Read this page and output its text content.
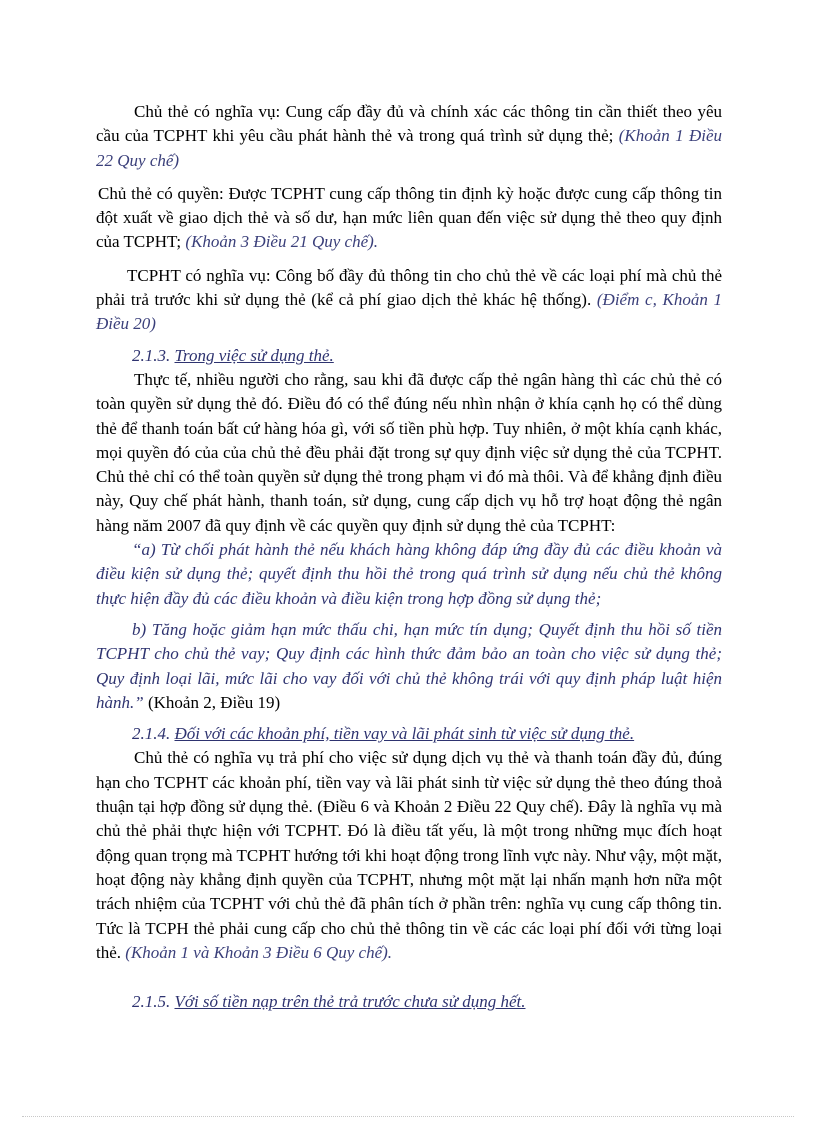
Chủ thẻ có nghĩa vụ: Cung cấp đầy đủ và chính xác các thông tin cần thiết theo yêu cầu của TCPHT khi yêu cầu phát hành thẻ và trong quá trình sử dụng thẻ; (Khoản 1 Điều 22 Quy chế)

Chủ thẻ có quyền: Được TCPHT cung cấp thông tin định kỳ hoặc được cung cấp thông tin đột xuất về giao dịch thẻ và số dư, hạn mức liên quan đến việc sử dụng thẻ theo quy định của TCPHT; (Khoản 3 Điều 21 Quy chế).

TCPHT có nghĩa vụ: Công bố đầy đủ thông tin cho chủ thẻ về các loại phí mà chủ thẻ phải trả trước khi sử dụng thẻ (kể cả phí giao dịch thẻ khác hệ thống). (Điểm c, Khoản 1 Điều 20)

2.1.3. Trong việc sử dụng thẻ.

Thực tế, nhiều người cho rằng, sau khi đã được cấp thẻ ngân hàng thì các chủ thẻ có toàn quyền sử dụng thẻ đó. Điều đó có thể đúng nếu nhìn nhận ở khía cạnh họ có thể dùng thẻ để thanh toán bất cứ hàng hóa gì, với số tiền phù hợp. Tuy nhiên, ở một khía cạnh khác, mọi quyền đó của của chủ thẻ đều phải đặt trong sự quy định việc sử dụng thẻ của TCPHT. Chủ thẻ chỉ có thể toàn quyền sử dụng thẻ trong phạm vi đó mà thôi. Và để khẳng định điều này, Quy chế phát hành, thanh toán, sử dụng, cung cấp dịch vụ hỗ trợ hoạt động thẻ ngân hàng năm 2007 đã quy định về các quyền quy định sử dụng thẻ của TCPHT:

“a) Từ chối phát hành thẻ nếu khách hàng không đáp ứng đầy đủ các điều khoản và điều kiện sử dụng thẻ; quyết định thu hồi thẻ trong quá trình sử dụng nếu chủ thẻ không thực hiện đầy đủ các điều khoản và điều kiện trong hợp đồng sử dụng thẻ;

b) Tăng hoặc giảm hạn mức thấu chi, hạn mức tín dụng; Quyết định thu hồi số tiền TCPHT cho chủ thẻ vay; Quy định các hình thức đảm bảo an toàn cho việc sử dụng thẻ; Quy định loại lãi, mức lãi cho vay đối với chủ thẻ không trái với quy định pháp luật hiện hành.” (Khoản 2, Điều 19)

2.1.4. Đối với các khoản phí, tiền vay và lãi phát sinh từ việc sử dụng thẻ.

Chủ thẻ có nghĩa vụ trả phí cho việc sử dụng dịch vụ thẻ và thanh toán đầy đủ, đúng hạn cho TCPHT các khoản phí, tiền vay và lãi phát sinh từ việc sử dụng thẻ theo đúng thoả thuận tại hợp đồng sử dụng thẻ. (Điều 6 và Khoản 2 Điều 22 Quy chế). Đây là nghĩa vụ mà chủ thẻ phải thực hiện với TCPHT. Đó là điều tất yếu, là một trong những mục đích hoạt động quan trọng mà TCPHT hướng tới khi hoạt động trong lĩnh vực này. Như vậy, một mặt, hoạt động này khẳng định quyền của TCPHT, nhưng một mặt lại nhấn mạnh hơn nữa một trách nhiệm của TCPHT với chủ thẻ đã phân tích ở phần trên: nghĩa vụ cung cấp thông tin. Tức là TCPH thẻ phải cung cấp cho chủ thẻ thông tin về các các loại phí đối với từng loại thẻ. (Khoản 1 và Khoản 3 Điều 6 Quy chế).

2.1.5. Với số tiền nạp trên thẻ trả trước chưa sử dụng hết.
